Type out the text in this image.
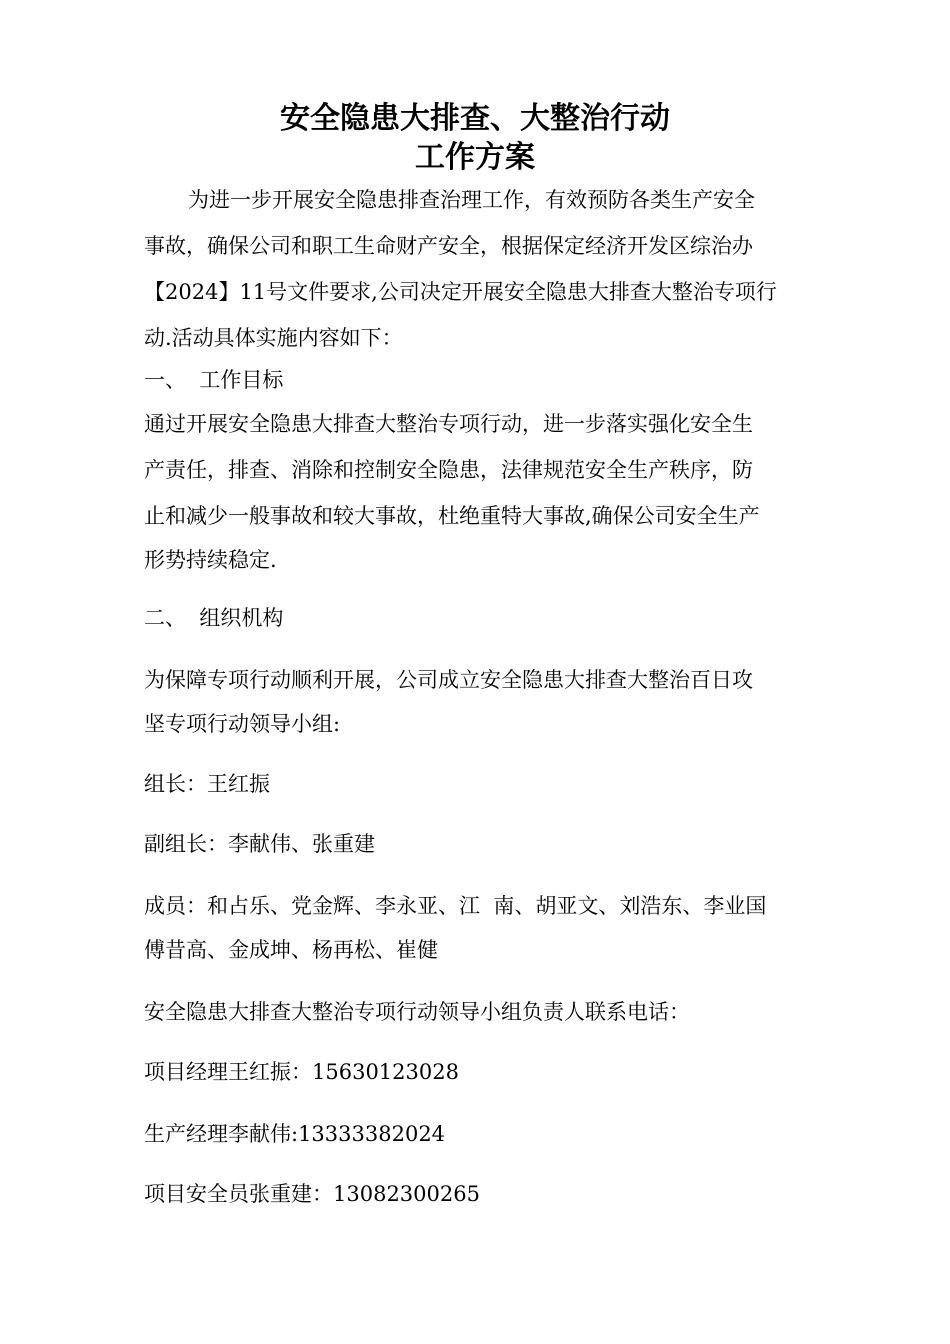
安全隐患大排查、大整治行动
工作方案
为进一步开展安全隐患排查治理工作，有效预防各类生产安全
事故，确保公司和职工生命财产安全，根据保定经济开发区综治办
【2024】11号文件要求,公司决定开展安全隐患大排查大整治专项行
动.活动具体实施内容如下：
一、  工作目标
通过开展安全隐患大排查大整治专项行动，进一步落实强化安全生
产责任，排查、消除和控制安全隐患，法律规范安全生产秩序，防
止和减少一般事故和较大事故，杜绝重特大事故,确保公司安全生产
形势持续稳定.
二、  组织机构
为保障专项行动顺利开展，公司成立安全隐患大排查大整治百日攻
坚专项行动领导小组:
组长：王红振
副组长：李献伟、张重建
成员：和占乐、党金辉、李永亚、江  南、胡亚文、刘浩东、李业国
傅昔高、金成坤、杨再松、崔健
安全隐患大排查大整治专项行动领导小组负责人联系电话：
项目经理王红振：15630123028
生产经理李献伟:13333382024
项目安全员张重建：13082300265
